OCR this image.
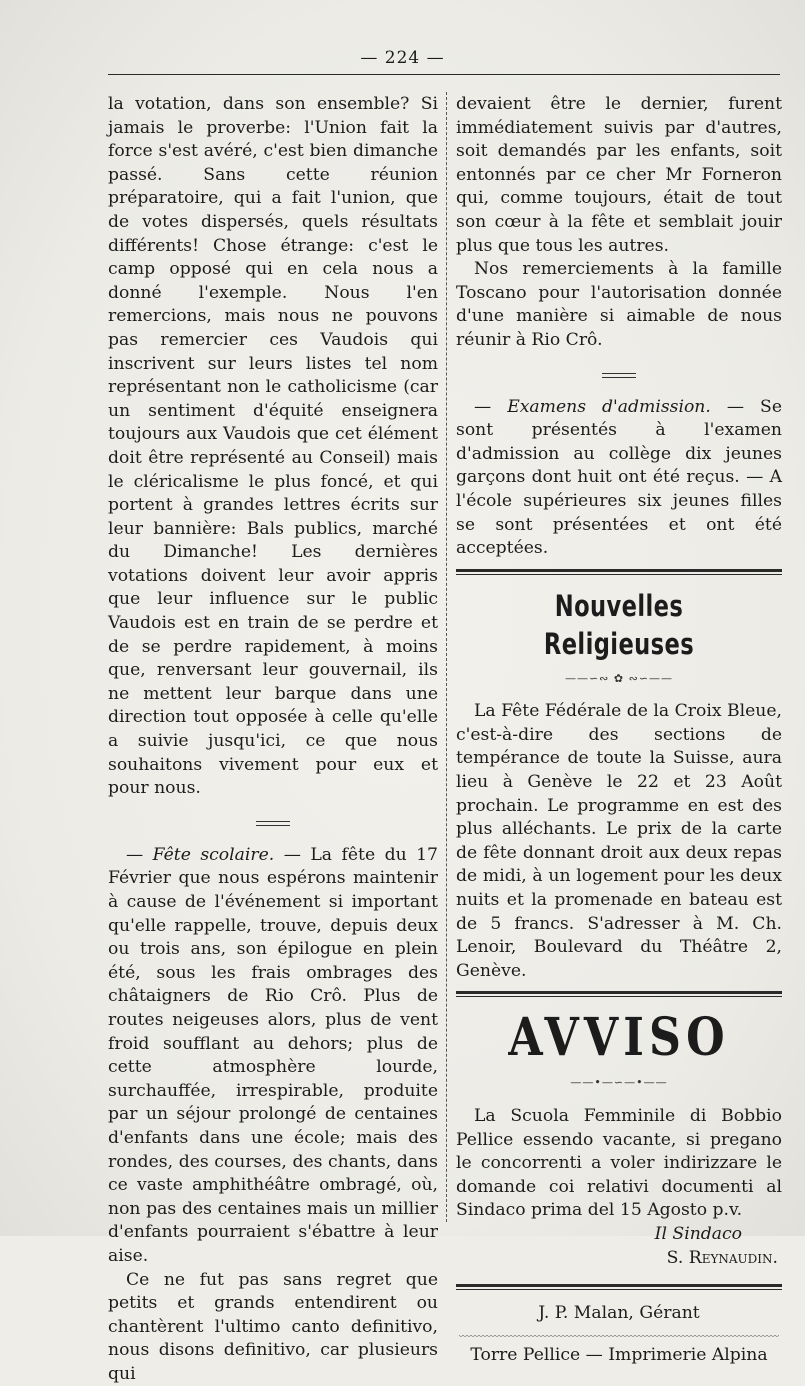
— 224 —

la votation, dans son ensemble? Si jamais le proverbe: l'Union fait la force s'est avéré, c'est bien dimanche passé. Sans cette réunion préparatoire, qui a fait l'union, que de votes dispersés, quels résultats différents! Chose étrange: c'est le camp opposé qui en cela nous a donné l'exemple. Nous l'en remercions, mais nous ne pouvons pas remercier ces Vaudois qui inscrivent sur leurs listes tel nom représentant non le catholicisme (car un sentiment d'équité enseignera toujours aux Vaudois que cet élément doit être représenté au Conseil) mais le cléricalisme le plus foncé, et qui portent à grandes lettres écrits sur leur bannière: Bals publics, marché du Dimanche! Les dernières votations doivent leur avoir appris que leur influence sur le public Vaudois est en train de se perdre et de se perdre rapidement, à moins que, renversant leur gouvernail, ils ne mettent leur barque dans une direction tout opposée à celle qu'elle a suivie jusqu'ici, ce que nous souhaitons vivement pour eux et pour nous.

— Fête scolaire. — La fête du 17 Février que nous espérons maintenir à cause de l'événement si important qu'elle rappelle, trouve, depuis deux ou trois ans, son épilogue en plein été, sous les frais ombrages des châtaigners de Rio Crô. Plus de routes neigeuses alors, plus de vent froid soufflant au dehors; plus de cette atmosphère lourde, surchauffée, irrespirable, produite par un séjour prolongé de centaines d'enfants dans une école; mais des rondes, des courses, des chants, dans ce vaste amphithéâtre ombragé, où, non pas des centaines mais un millier d'enfants pourraient s'ébattre à leur aise.

Ce ne fut pas sans regret que petits et grands entendirent ou chantèrent l'ultimo canto definitivo, nous disons definitivo, car plusieurs qui

devaient être le dernier, furent immédiatement suivis par d'autres, soit demandés par les enfants, soit entonnés par ce cher Mr Forneron qui, comme toujours, était de tout son cœur à la fête et semblait jouir plus que tous les autres.

Nos remerciements à la famille Toscano pour l'autorisation donnée d'une manière si aimable de nous réunir à Rio Crô.

— Examens d'admission. — Se sont présentés à l'examen d'admission au collège dix jeunes garçons dont huit ont été reçus. — A l'école supérieures six jeunes filles se sont présentées et ont été acceptées.

Nouvelles Religieuses
——∽∾ ✿ ∾∽——

La Fête Fédérale de la Croix Bleue, c'est-à-dire des sections de tempérance de toute la Suisse, aura lieu à Genève le 22 et 23 Août prochain. Le programme en est des plus alléchants. Le prix de la carte de fête donnant droit aux deux repas de midi, à un logement pour les deux nuits et la promenade en bateau est de 5 francs. S'adresser à M. Ch. Lenoir, Boulevard du Théâtre 2, Genève.

AVVISO
——•—∽—•——

La Scuola Femminile di Bobbio Pellice essendo vacante, si pregano le concorrenti a voler indirizzare le domande coi relativi documenti al Sindaco prima del 15 Agosto p.v.

Il Sindaco

S. Reynaudin.

J. P. Malan, Gérant

〰〰〰〰〰〰〰〰〰〰〰〰〰〰〰〰〰〰〰〰〰〰〰〰〰〰〰〰〰〰〰〰〰〰〰〰〰〰〰〰

Torre Pellice — Imprimerie Alpina
